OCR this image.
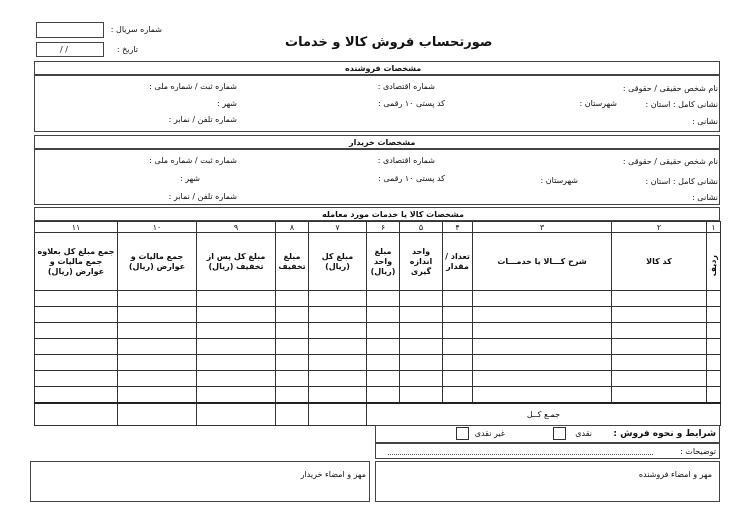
شماره سریال :
/ /	تاریخ :	صورتحساب فروش کالا و خدمات
مشخصات فروشنده
نام شخص حقیقی / حقوقی :
شماره اقتصادی :
شماره ثبت / شماره ملی :
نشانی کامل : استان :
شهرستان :
کد پستی ۱۰ رقمی :
شهر :
نشانی :
شماره تلفن / نمابر :
مشخصات خریدار
نام شخص حقیقی / حقوقی :
شماره اقتصادی :
شماره ثبت / شماره ملی :
نشانی کامل : استان :
شهرستان :
کد پستی ۱۰ رقمی :
شهر :
نشانی :
شماره تلفن / نمابر :
مشخصات کالا یا خدمات مورد معامله
۱۱	۱۰	۹	۸	۷	۶	۵	۴	۳	۲	۱
جمع مبلغ کل بعلاوه جمع مالیات و عوارض (ریال)	جمع مالیات و عوارض (ریال)	مبلغ کل پس از تخفیف (ریال)	مبلغ تخفیف	مبلغ کل (ریال)	مبلغ واحد (ریال)	واحد اندازه گیری	تعداد / مقدار	شرح کـــالا یا خدمـــات	کد کالا	ردیف

					جمـع کــل					
شرایط و نحوه فروش :
نقدی
غیر نقدی
توضیحات :
مهر و امضاء فروشنده
مهر و امضاء خریدار
